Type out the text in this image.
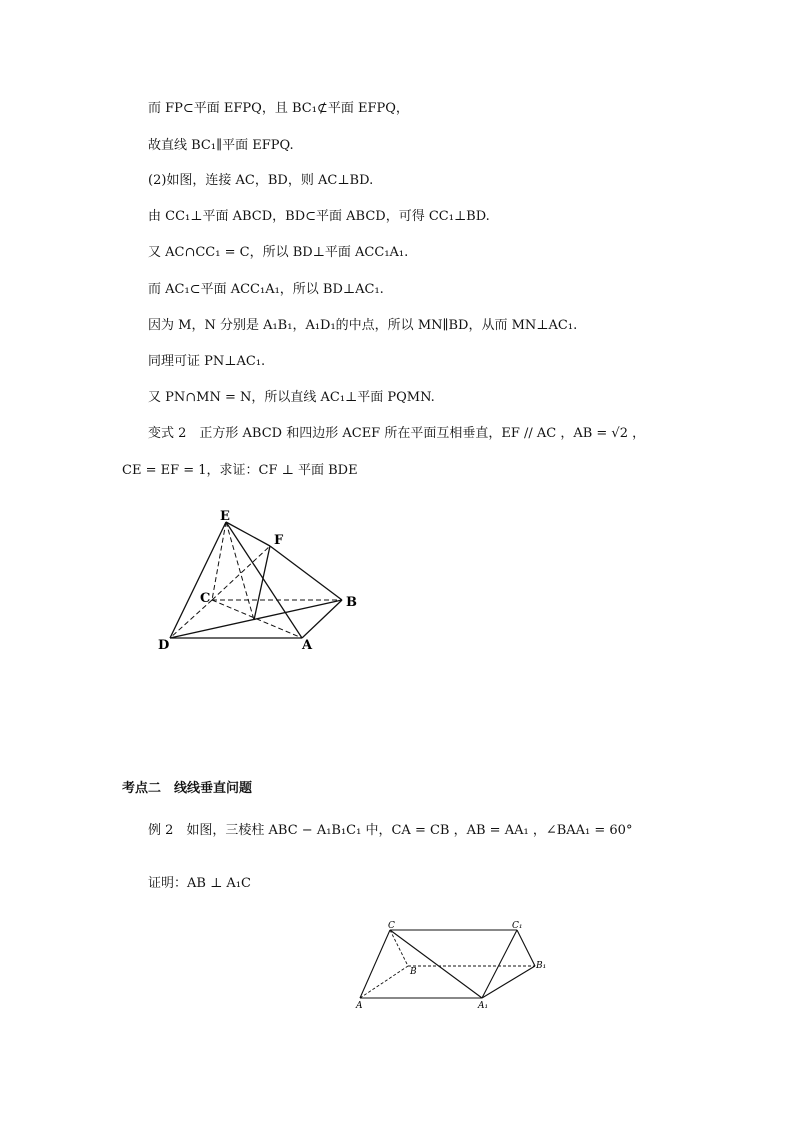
而 FP⊂平面 EFPQ，且 BC₁⊄平面 EFPQ，
故直线 BC₁∥平面 EFPQ.
(2)如图，连接 AC，BD，则 AC⊥BD.
由 CC₁⊥平面 ABCD，BD⊂平面 ABCD，可得 CC₁⊥BD.
又 AC∩CC₁ = C，所以 BD⊥平面 ACC₁A₁.
而 AC₁⊂平面 ACC₁A₁，所以 BD⊥AC₁.
因为 M，N 分别是 A₁B₁，A₁D₁的中点，所以 MN∥BD，从而 MN⊥AC₁.
同理可证 PN⊥AC₁.
又 PN∩MN = N，所以直线 AC₁⊥平面 PQMN.
变式 2　正方形 ABCD 和四边形 ACEF 所在平面互相垂直，EF // AC ，AB = √2 ，
CE = EF = 1，求证：CF ⊥ 平面 BDE
E
F
C	B
D	A
考点二　线线垂直问题
例 2　如图，三棱柱 ABC − A₁B₁C₁ 中，CA = CB ，AB = AA₁ ，∠BAA₁ = 60°
证明：AB ⊥ A₁C
C	C₁
B
B₁
A	A₁
